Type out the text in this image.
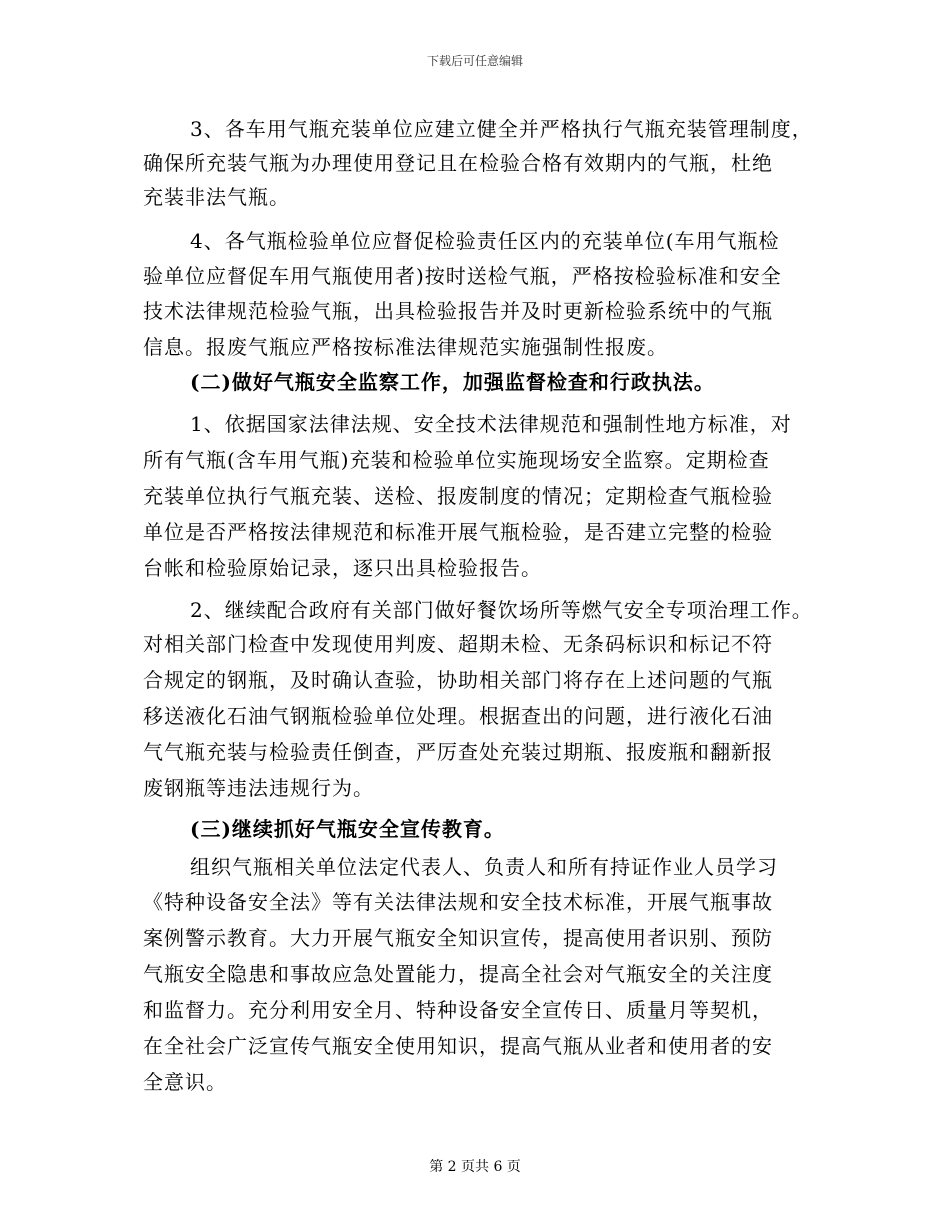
下载后可任意编辑
3、各车用气瓶充装单位应建立健全并严格执行气瓶充装管理制度，
确保所充装气瓶为办理使用登记且在检验合格有效期内的气瓶，杜绝
充装非法气瓶。
4、各气瓶检验单位应督促检验责任区内的充装单位(车用气瓶检
验单位应督促车用气瓶使用者)按时送检气瓶，严格按检验标准和安全
技术法律规范检验气瓶，出具检验报告并及时更新检验系统中的气瓶
信息。报废气瓶应严格按标准法律规范实施强制性报废。
(二)做好气瓶安全监察工作，加强监督检查和行政执法。
1、依据国家法律法规、安全技术法律规范和强制性地方标准，对
所有气瓶(含车用气瓶)充装和检验单位实施现场安全监察。定期检查
充装单位执行气瓶充装、送检、报废制度的情况；定期检查气瓶检验
单位是否严格按法律规范和标准开展气瓶检验，是否建立完整的检验
台帐和检验原始记录，逐只出具检验报告。
2、继续配合政府有关部门做好餐饮场所等燃气安全专项治理工作。
对相关部门检查中发现使用判废、超期未检、无条码标识和标记不符
合规定的钢瓶，及时确认查验，协助相关部门将存在上述问题的气瓶
移送液化石油气钢瓶检验单位处理。根据查出的问题，进行液化石油
气气瓶充装与检验责任倒查，严厉查处充装过期瓶、报废瓶和翻新报
废钢瓶等违法违规行为。
(三)继续抓好气瓶安全宣传教育。
组织气瓶相关单位法定代表人、负责人和所有持证作业人员学习
《特种设备安全法》等有关法律法规和安全技术标准，开展气瓶事故
案例警示教育。大力开展气瓶安全知识宣传，提高使用者识别、预防
气瓶安全隐患和事故应急处置能力，提高全社会对气瓶安全的关注度
和监督力。充分利用安全月、特种设备安全宣传日、质量月等契机，
在全社会广泛宣传气瓶安全使用知识，提高气瓶从业者和使用者的安
全意识。
第 2 页共 6 页
